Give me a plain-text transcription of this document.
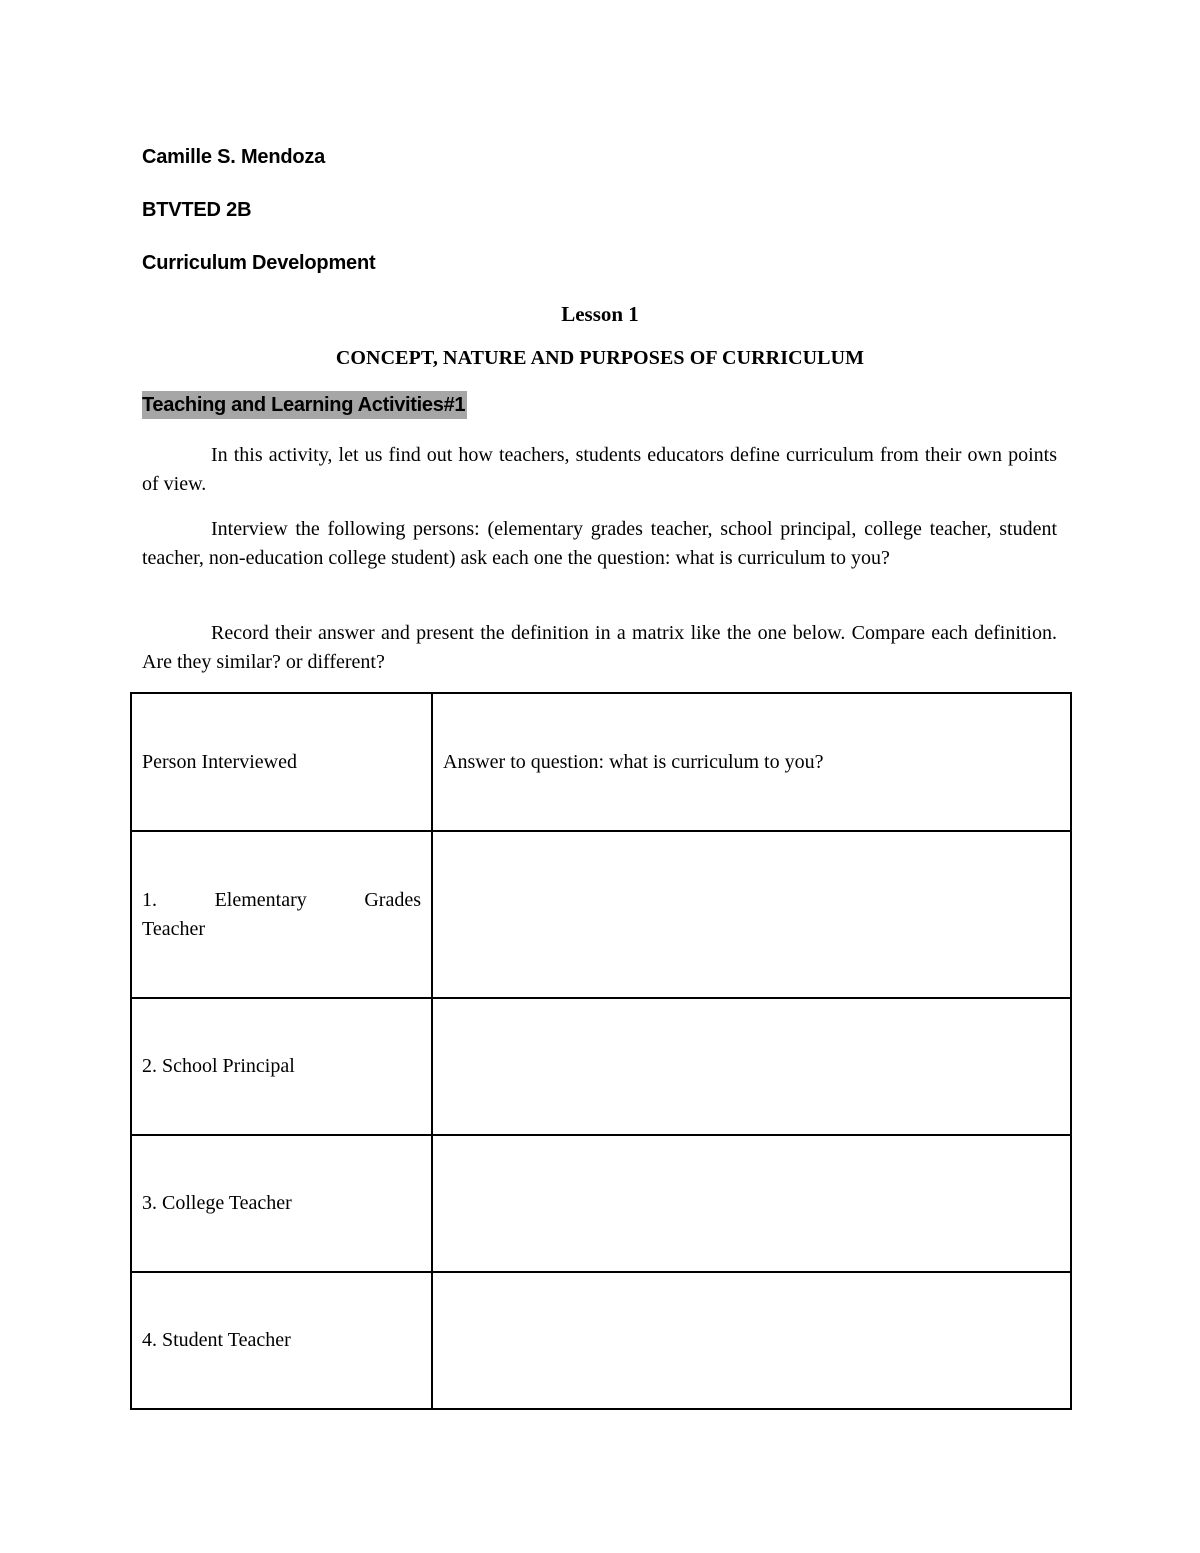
Camille S. Mendoza
BTVTED 2B
Curriculum Development
Lesson 1
CONCEPT, NATURE AND PURPOSES OF CURRICULUM
Teaching and Learning Activities#1

In this activity, let us find out how teachers, students educators define curriculum from their own points of view.

Interview the following persons: (elementary grades teacher, school principal, college teacher, student teacher, non-education college student) ask each one the question: what is curriculum to you?

Record their answer and present the definition in a matrix like the one below. Compare each definition. Are they similar? or different?

Person Interviewed	Answer to question: what is curriculum to you?

1. Elementary Grades
Teacher	
2. School Principal	
3. College Teacher	
4. Student Teacher	
